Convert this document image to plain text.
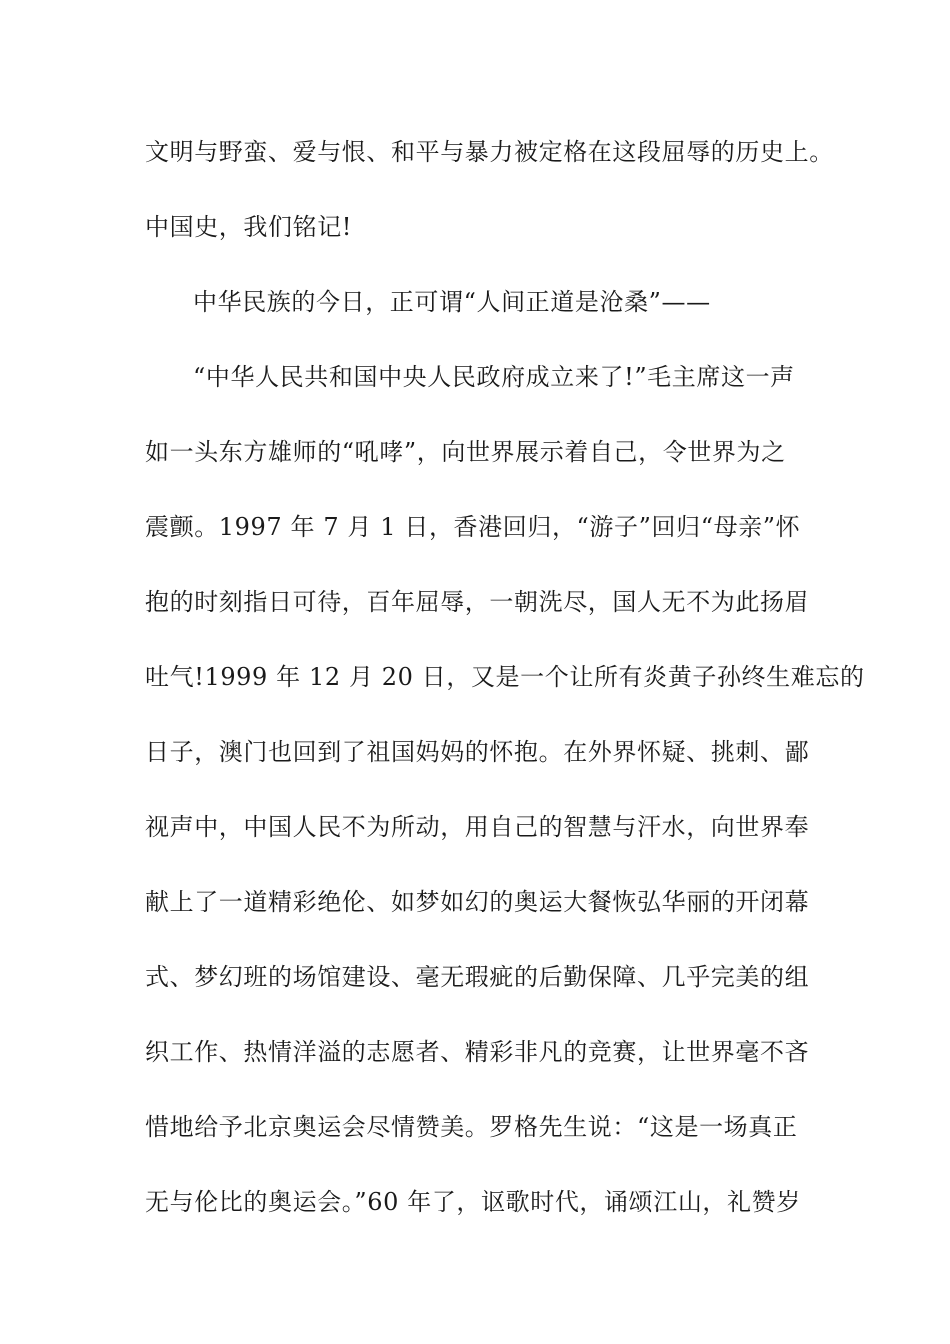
文明与野蛮、爱与恨、和平与暴力被定格在这段屈辱的历史上。
中国史，我们铭记!
中华民族的今日，正可谓“人间正道是沧桑”——
“中华人民共和国中央人民政府成立来了!”毛主席这一声
如一头东方雄师的“吼哮”，向世界展示着自己，令世界为之
震颤。1997 年 7 月 1 日，香港回归，“游子”回归“母亲”怀
抱的时刻指日可待，百年屈辱，一朝洗尽，国人无不为此扬眉
吐气!1999 年 12 月 20 日，又是一个让所有炎黄子孙终生难忘的
日子，澳门也回到了祖国妈妈的怀抱。在外界怀疑、挑刺、鄙
视声中，中国人民不为所动，用自己的智慧与汗水，向世界奉
献上了一道精彩绝伦、如梦如幻的奥运大餐恢弘华丽的开闭幕
式、梦幻班的场馆建设、毫无瑕疵的后勤保障、几乎完美的组
织工作、热情洋溢的志愿者、精彩非凡的竞赛，让世界毫不吝
惜地给予北京奥运会尽情赞美。罗格先生说：“这是一场真正
无与伦比的奥运会。”60 年了，讴歌时代，诵颂江山，礼赞岁
